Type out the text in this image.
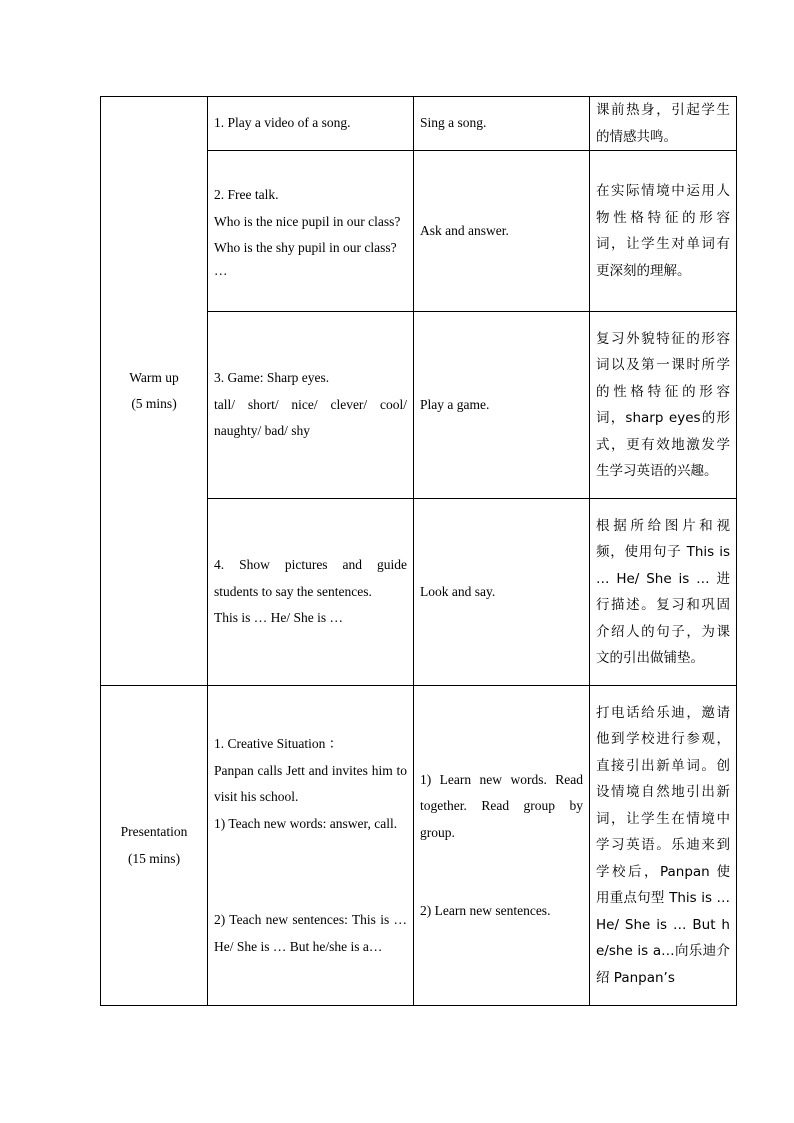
Warm up
(5 mins)	1. Play a video of a song.	Sing a song.	课前热身，引起学生的情感共鸣。

	2. Free talk.
Who is the nice pupil in our class?
Who is the shy pupil in our class?
…	Ask and answer.	在实际情境中运用人物性格特征的形容词，让学生对单词有更深刻的理解。

	3. Game: Sharp eyes.
tall/ short/ nice/ clever/ cool/ naughty/ bad/ shy	Play a game.	复习外貌特征的形容词以及第一课时所学的性格特征的形容词，sharp eyes的形式，更有效地激发学生学习英语的兴趣。

	4. Show pictures and guide students to say the sentences.
This is … He/ She is …	Look and say.	根据所给图片和视频，使用句子 This is … He/ She is … 进行描述。复习和巩固介绍人的句子，为课文的引出做铺垫。

Presentation
(15 mins)	1. Creative Situation ：
Panpan calls Jett and invites him to visit his school.
1) Teach new words: answer, call.
2) Teach new sentences: This is … He/ She is … But he/she is a…	1) Learn new words. Read together. Read group by group.
2) Learn new sentences.	打电话给乐迪，邀请他到学校进行参观，直接引出新单词。创设情境自然地引出新词，让学生在情境中学习英语。乐迪来到学校后，Panpan 使用重点句型 This is … He/ She is … But he/she is a…向乐迪介绍 Panpan’s
